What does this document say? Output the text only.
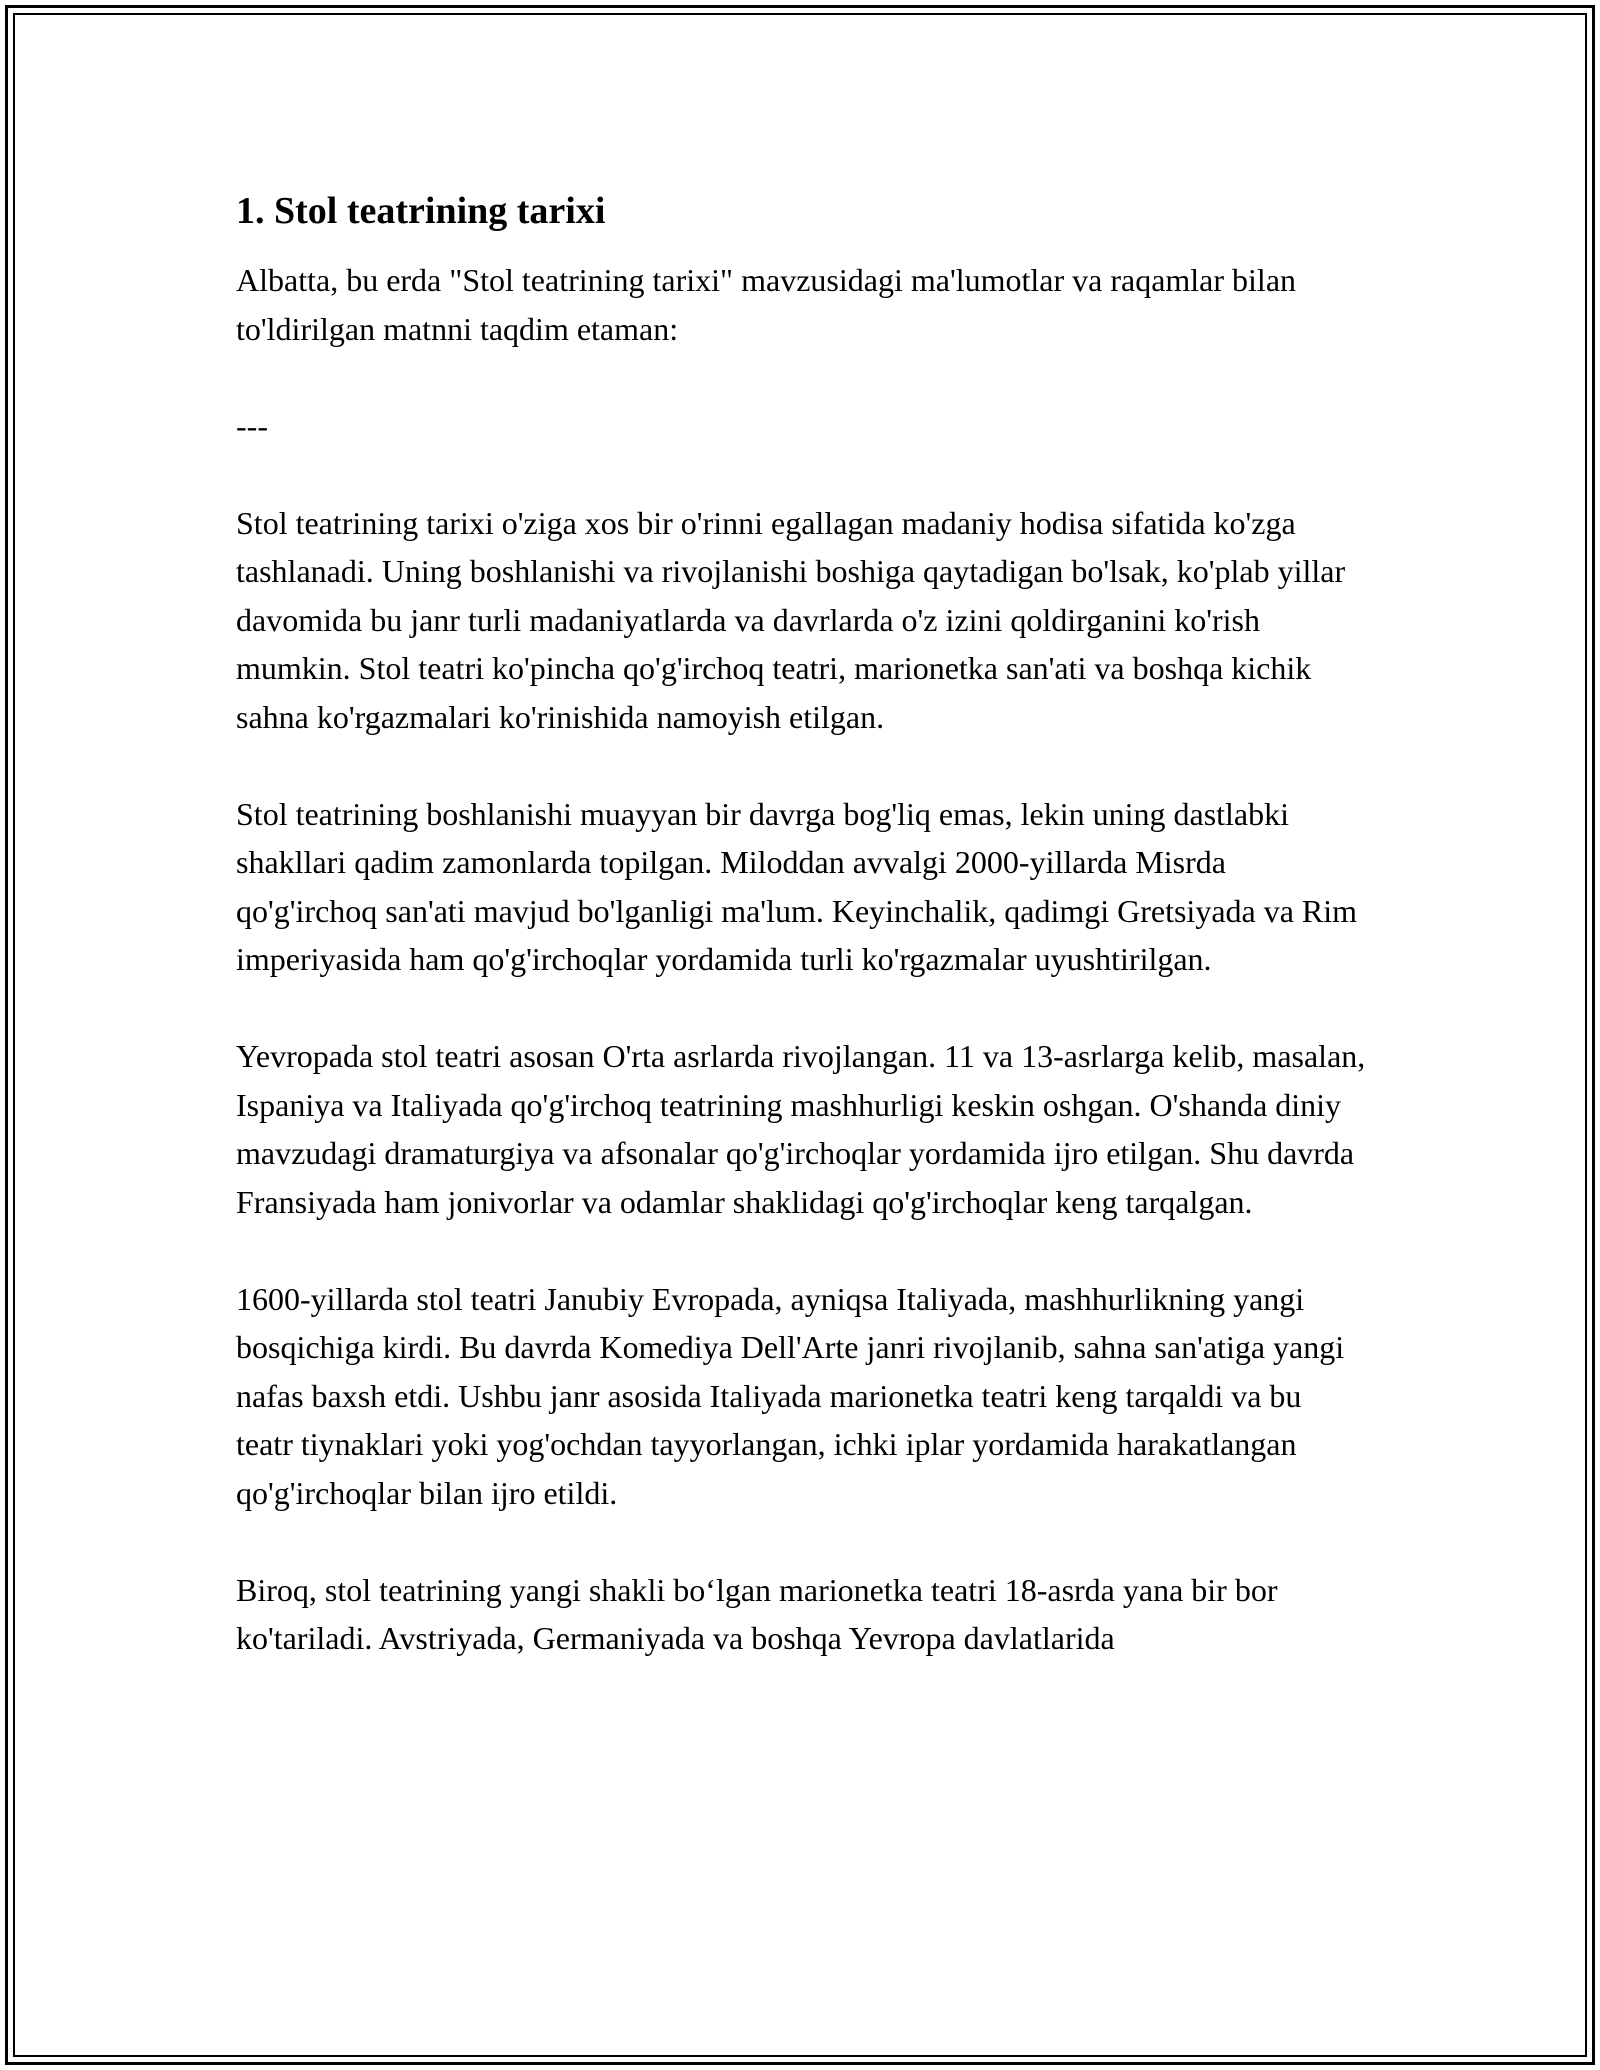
1. Stol teatrining tarixi

Albatta, bu erda "Stol teatrining tarixi" mavzusidagi ma'lumotlar va raqamlar bilan to'ldirilgan matnni taqdim etaman:

---

Stol teatrining tarixi o'ziga xos bir o'rinni egallagan madaniy hodisa sifatida ko'zga tashlanadi. Uning boshlanishi va rivojlanishi boshiga qaytadigan bo'lsak, ko'plab yillar davomida bu janr turli madaniyatlarda va davrlarda o'z izini qoldirganini ko'rish mumkin. Stol teatri ko'pincha qo'g'irchoq teatri, marionetka san'ati va boshqa kichik sahna ko'rgazmalari ko'rinishida namoyish etilgan.

Stol teatrining boshlanishi muayyan bir davrga bog'liq emas, lekin uning dastlabki shakllari qadim zamonlarda topilgan. Miloddan avvalgi 2000-yillarda Misrda qo'g'irchoq san'ati mavjud bo'lganligi ma'lum. Keyinchalik, qadimgi Gretsiyada va Rim imperiyasida ham qo'g'irchoqlar yordamida turli ko'rgazmalar uyushtirilgan.

Yevropada stol teatri asosan O'rta asrlarda rivojlangan. 11 va 13-asrlarga kelib, masalan, Ispaniya va Italiyada qo'g'irchoq teatrining mashhurligi keskin oshgan. O'shanda diniy mavzudagi dramaturgiya va afsonalar qo'g'irchoqlar yordamida ijro etilgan. Shu davrda Fransiyada ham jonivorlar va odamlar shaklidagi qo'g'irchoqlar keng tarqalgan.

1600-yillarda stol teatri Janubiy Evropada, ayniqsa Italiyada, mashhurlikning yangi bosqichiga kirdi. Bu davrda Komediya Dell'Arte janri rivojlanib, sahna san'atiga yangi nafas baxsh etdi. Ushbu janr asosida Italiyada marionetka teatri keng tarqaldi va bu teatr tiynaklari yoki yog'ochdan tayyorlangan, ichki iplar yordamida harakatlangan qo'g'irchoqlar bilan ijro etildi.

Biroq, stol teatrining yangi shakli bo‘lgan marionetka teatri 18-asrda yana bir bor ko'tariladi. Avstriyada, Germaniyada va boshqa Yevropa davlatlarida
